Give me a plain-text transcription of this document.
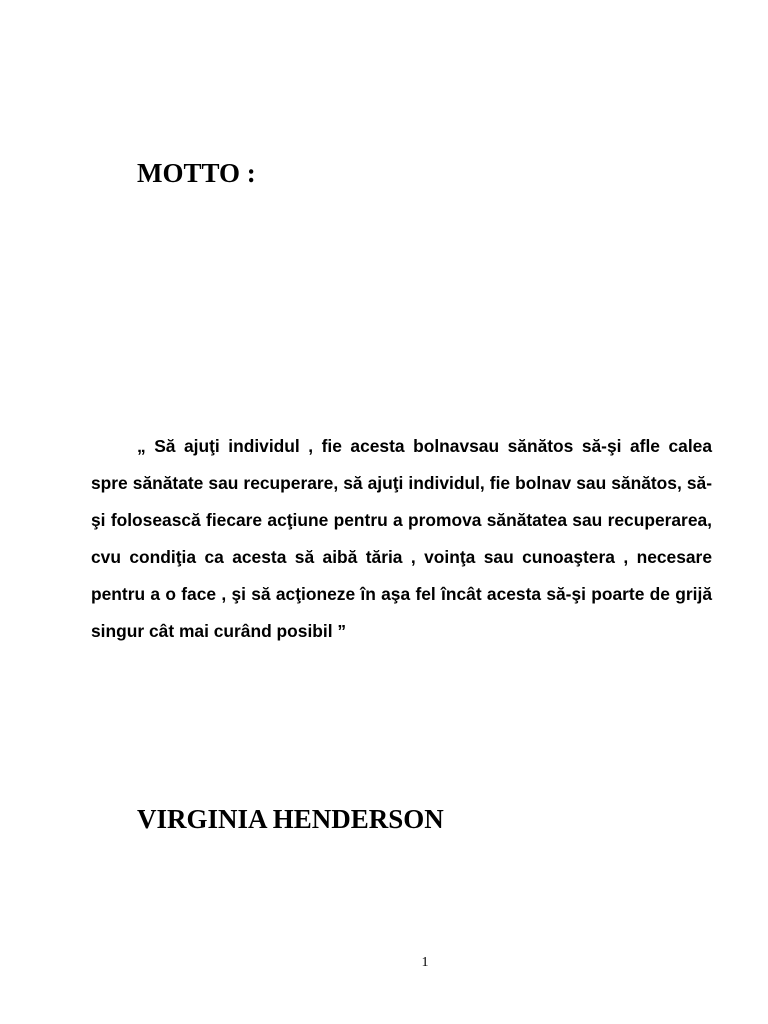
MOTTO :

„ Să ajuţi individul , fie acesta bolnavsau sănătos să-şi afle calea spre sănătate sau recuperare, să ajuţi individul, fie bolnav sau sănătos, să-şi folosească fiecare acţiune pentru a promova sănătatea sau recuperarea, cvu condiţia ca acesta să aibă tăria , voinţa sau cunoaştera , necesare pentru a o face , şi să acţioneze în aşa fel încât acesta să-şi poarte de grijă singur cât mai curând posibil ”

VIRGINIA HENDERSON
1
